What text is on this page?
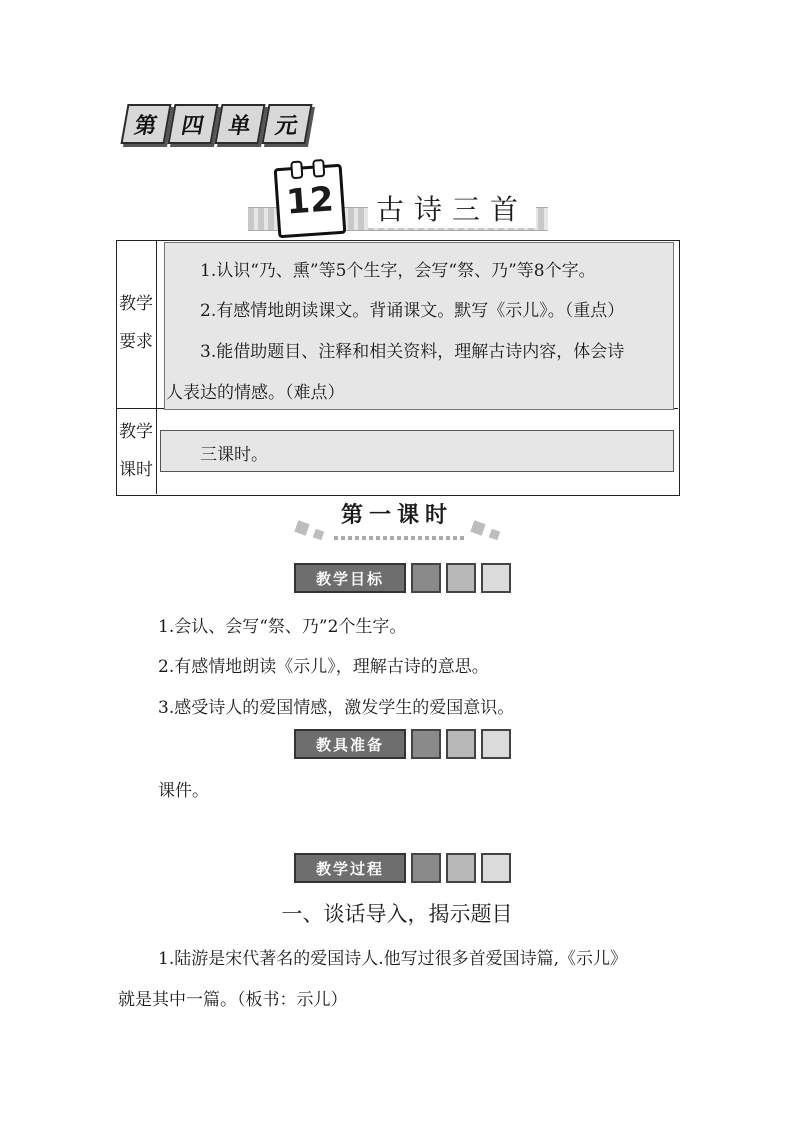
第 四 单 元
12 古诗三首
教学
要求
1.认识“乃、熏”等5个生字，会写“祭、乃”等8个字。
2.有感情地朗读课文。背诵课文。默写《示儿》。（重点）
3.能借助题目、注释和相关资料，理解古诗内容，体会诗
人表达的情感。（难点）
教学
课时
三课时。
第一课时
教学目标
1.会认、会写“祭、乃”2个生字。
2.有感情地朗读《示儿》，理解古诗的意思。
3.感受诗人的爱国情感，激发学生的爱国意识。
教具准备
课件。
教学过程
一、谈话导入，揭示题目
1.陆游是宋代著名的爱国诗人.他写过很多首爱国诗篇,《示儿》
就是其中一篇。（板书：示儿）
